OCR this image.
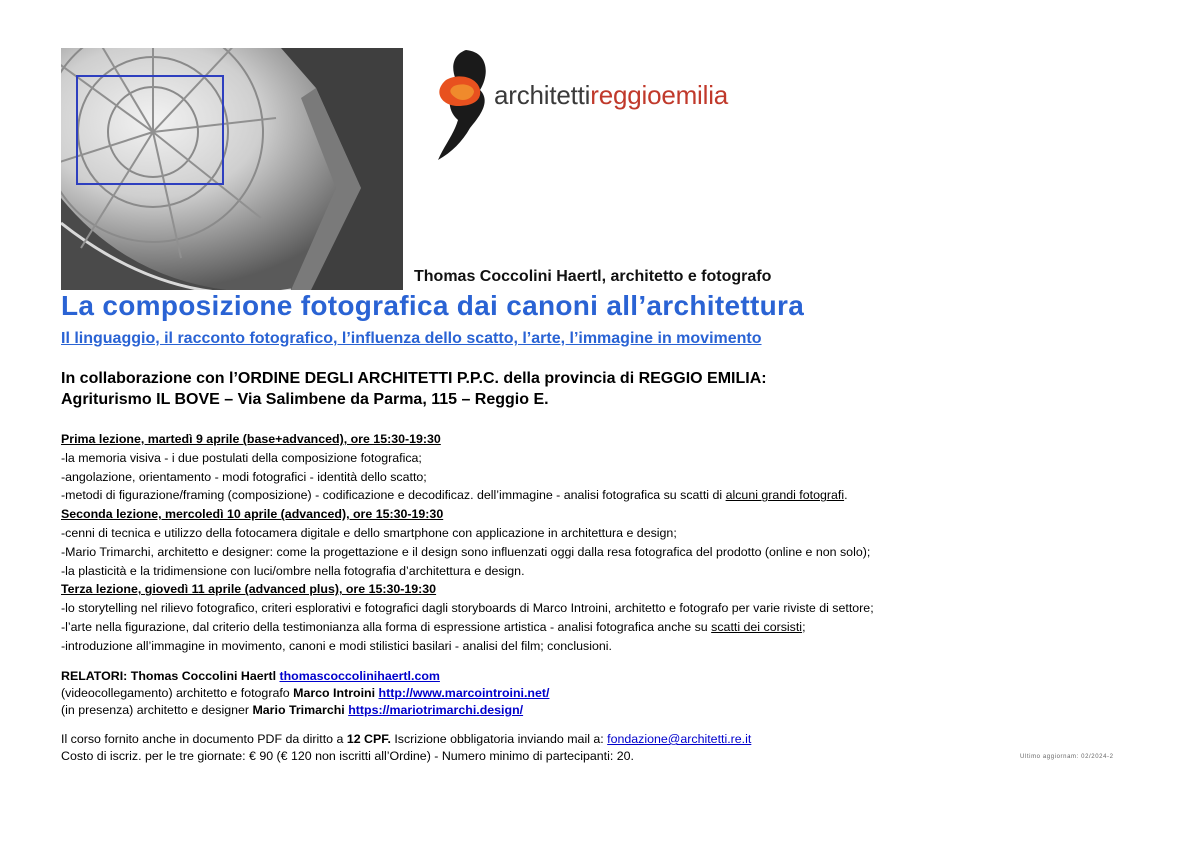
architettireggioemilia
Thomas Coccolini Haertl, architetto e fotografo
La composizione fotografica dai canoni all’architettura
Il linguaggio, il racconto fotografico, l’influenza dello scatto, l’arte, l’immagine in movimento
In collaborazione con l’ORDINE DEGLI ARCHITETTI P.P.C. della provincia di REGGIO EMILIA:
Agriturismo IL BOVE – Via Salimbene da Parma, 115 – Reggio E.
Prima lezione, martedì 9 aprile (base+advanced), ore 15:30-19:30
-la memoria visiva - i due postulati della composizione fotografica;
-angolazione, orientamento - modi fotografici - identità dello scatto;
-metodi di figurazione/framing (composizione) - codificazione e decodificaz. dell’immagine - analisi fotografica su scatti di alcuni grandi fotografi.
Seconda lezione, mercoledì 10 aprile (advanced), ore 15:30-19:30
-cenni di tecnica e utilizzo della fotocamera digitale e dello smartphone con applicazione in architettura e design;
-Mario Trimarchi, architetto e designer: come la progettazione e il design sono influenzati oggi dalla resa fotografica del prodotto (online e non solo);
-la plasticità e la tridimensione con luci/ombre nella fotografia d’architettura e design.
Terza lezione, giovedì 11 aprile (advanced plus), ore 15:30-19:30
-lo storytelling nel rilievo fotografico, criteri esplorativi e fotografici dagli storyboards di Marco Introini, architetto e fotografo per varie riviste di settore;
-l’arte nella figurazione, dal criterio della testimonianza alla forma di espressione artistica - analisi fotografica anche su scatti dei corsisti;
-introduzione all’immagine in movimento, canoni e modi stilistici basilari - analisi del film; conclusioni.
RELATORI: Thomas Coccolini Haertl thomascoccolinihaertl.com
(videocollegamento) architetto e fotografo Marco Introini http://www.marcointroini.net/
(in presenza) architetto e designer Mario Trimarchi https://mariotrimarchi.design/
Il corso fornito anche in documento PDF da diritto a 12 CPF. Iscrizione obbligatoria inviando mail a: fondazione@architetti.re.it
Costo di iscriz. per le tre giornate: € 90 (€ 120 non iscritti all’Ordine) - Numero minimo di partecipanti: 20.	Ultimo aggiornam: 02/2024-2
